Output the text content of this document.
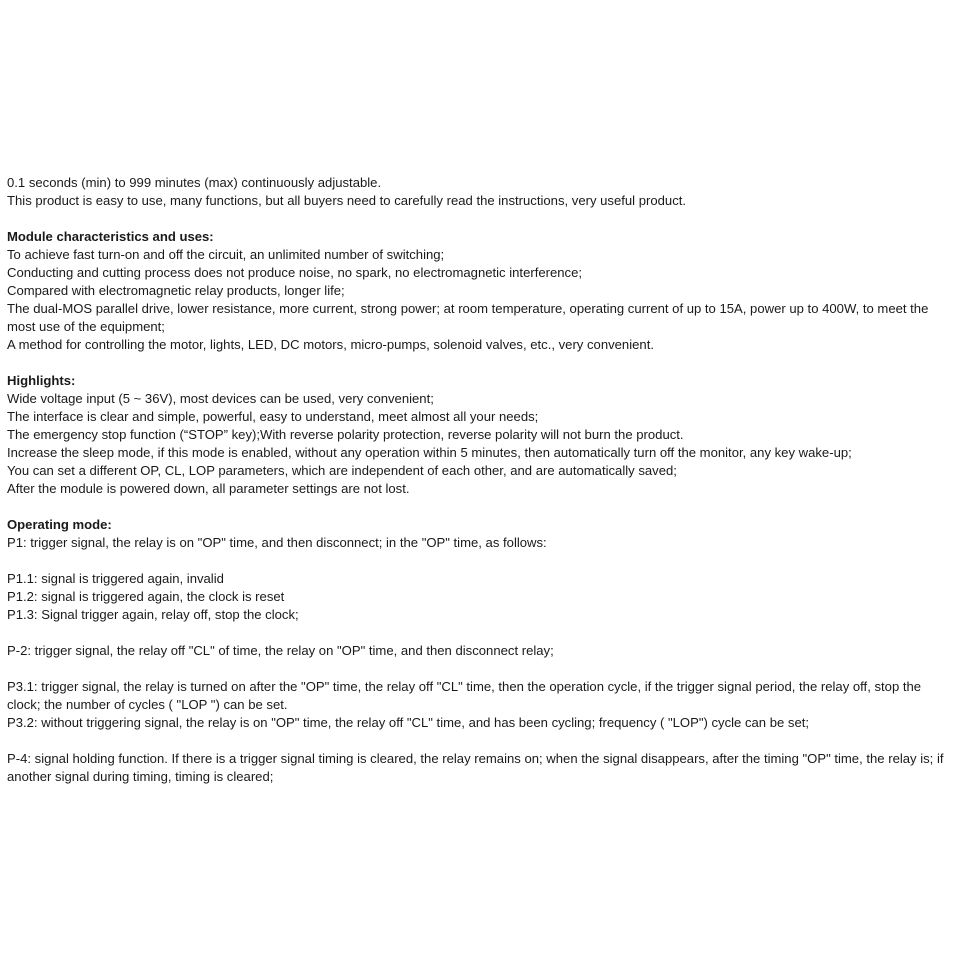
0.1 seconds (min) to 999 minutes (max) continuously adjustable.

This product is easy to use, many functions, but all buyers need to carefully read the instructions, very useful product.

Module characteristics and uses:

To achieve fast turn-on and off the circuit, an unlimited number of switching;

Conducting and cutting process does not produce noise, no spark, no electromagnetic interference;

Compared with electromagnetic relay products, longer life;

The dual-MOS parallel drive, lower resistance, more current, strong power; at room temperature, operating current of up to 15A, power up to 400W, to meet the most use of the equipment;

A method for controlling the motor, lights, LED, DC motors, micro-pumps, solenoid valves, etc., very convenient.

Highlights:

Wide voltage input (5 ~ 36V), most devices can be used, very convenient;

The interface is clear and simple, powerful, easy to understand, meet almost all your needs;

The emergency stop function (“STOP” key);With reverse polarity protection, reverse polarity will not burn the product.

Increase the sleep mode, if this mode is enabled, without any operation within 5 minutes, then automatically turn off the monitor, any key wake-up;

You can set a different OP, CL, LOP parameters, which are independent of each other, and are automatically saved;

After the module is powered down, all parameter settings are not lost.

Operating mode:

P1: trigger signal, the relay is on "OP" time, and then disconnect; in the "OP" time, as follows:

P1.1: signal is triggered again, invalid

P1.2: signal is triggered again, the clock is reset

P1.3: Signal trigger again, relay off, stop the clock;

P-2: trigger signal, the relay off "CL" of time, the relay on "OP" time, and then disconnect relay;

P3.1: trigger signal, the relay is turned on after the "OP" time, the relay off "CL" time, then the operation cycle, if the trigger signal period, the relay off, stop the clock; the number of cycles ( "LOP ") can be set.

P3.2: without triggering signal, the relay is on "OP" time, the relay off "CL" time, and has been cycling; frequency ( "LOP") cycle can be set;

P-4: signal holding function. If there is a trigger signal timing is cleared, the relay remains on; when the signal disappears, after the timing "OP" time, the relay is; if another signal during timing, timing is cleared;
